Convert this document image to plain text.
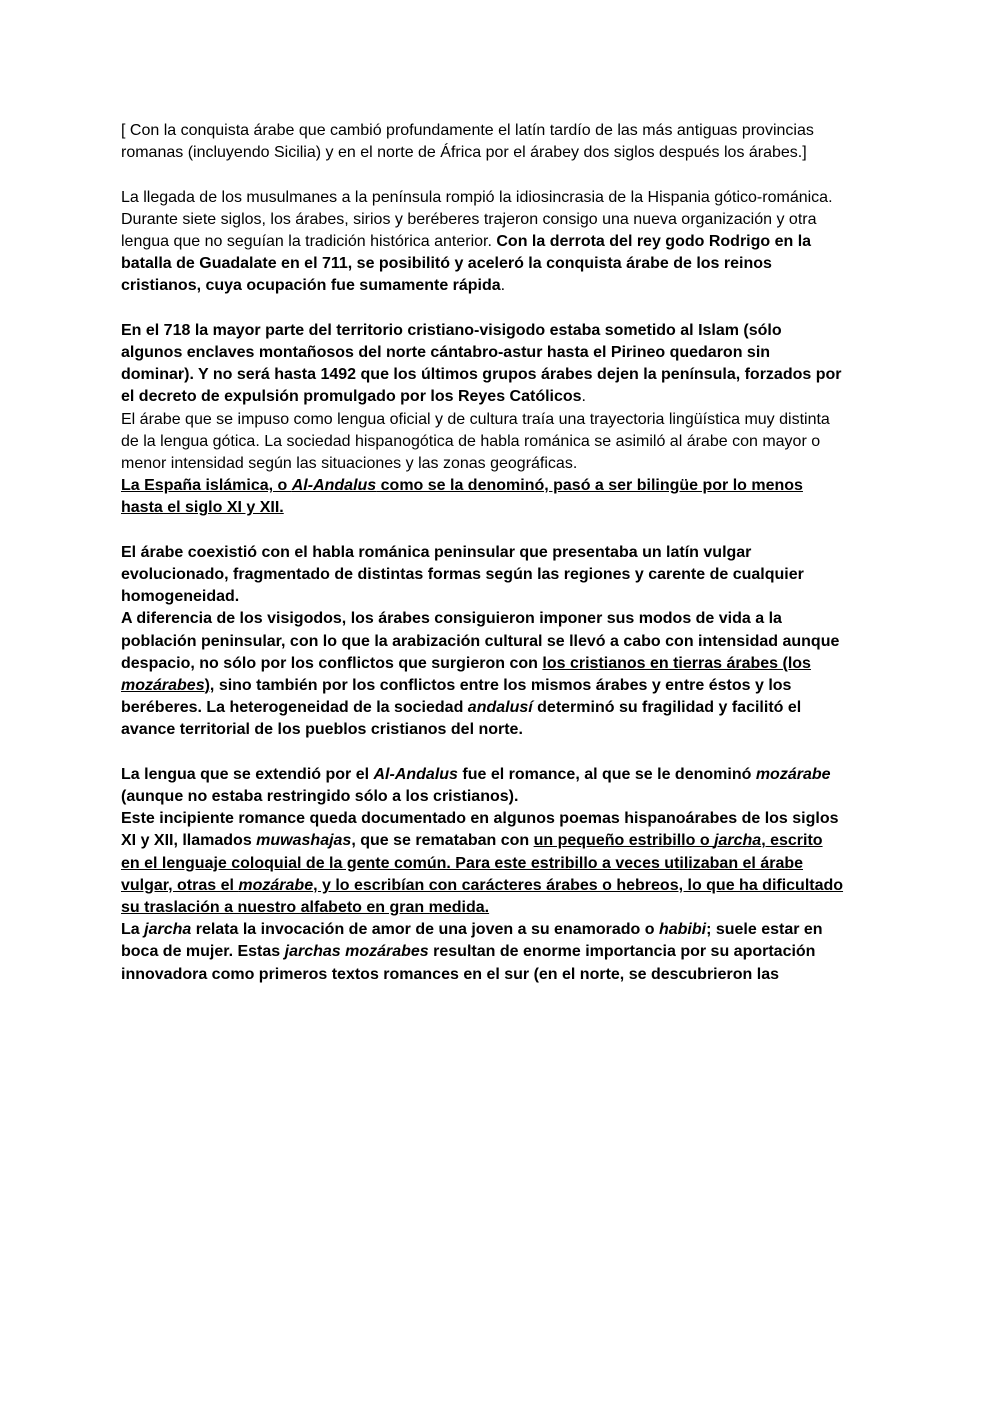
[ Con la conquista árabe que cambió profundamente el latín tardío de las más antiguas provincias
romanas (incluyendo Sicilia) y en el norte de África por el árabey dos siglos después los árabes.]
La llegada de los musulmanes a la península rompió la idiosincrasia de la Hispania gótico-románica.
Durante siete siglos, los árabes, sirios y beréberes trajeron consigo una nueva organización y otra
lengua que no seguían la tradición histórica anterior. Con la derrota del rey godo Rodrigo en la
batalla de Guadalate en el 711, se posibilitó y aceleró la conquista árabe de los reinos
cristianos, cuya ocupación fue sumamente rápida.
En el 718 la mayor parte del territorio cristiano-visigodo estaba sometido al Islam (sólo
algunos enclaves montañosos del norte cántabro-astur hasta el Pirineo quedaron sin
dominar). Y no será hasta 1492 que los últimos grupos árabes dejen la península, forzados por
el decreto de expulsión promulgado por los Reyes Católicos.
El árabe que se impuso como lengua oficial y de cultura traía una trayectoria lingüística muy distinta
de la lengua gótica. La sociedad hispanogótica de habla románica se asimiló al árabe con mayor o
menor intensidad según las situaciones y las zonas geográficas.
La España islámica, o Al-Andalus como se la denominó, pasó a ser bilingüe por lo menos
hasta el siglo XI y XII.
El árabe coexistió con el habla románica peninsular que presentaba un latín vulgar
evolucionado, fragmentado de distintas formas según las regiones y carente de cualquier
homogeneidad.
A diferencia de los visigodos, los árabes consiguieron imponer sus modos de vida a la
población peninsular, con lo que la arabización cultural se llevó a cabo con intensidad aunque
despacio, no sólo por los conflictos que surgieron con los cristianos en tierras árabes (los
mozárabes), sino también por los conflictos entre los mismos árabes y entre éstos y los
beréberes. La heterogeneidad de la sociedad andalusí determinó su fragilidad y facilitó el
avance territorial de los pueblos cristianos del norte.
La lengua que se extendió por el Al-Andalus fue el romance, al que se le denominó mozárabe
(aunque no estaba restringido sólo a los cristianos).
Este incipiente romance queda documentado en algunos poemas hispanoárabes de los siglos
XI y XII, llamados muwashajas, que se remataban con un pequeño estribillo o jarcha, escrito
en el lenguaje coloquial de la gente común. Para este estribillo a veces utilizaban el árabe
vulgar, otras el mozárabe, y lo escribían con carácteres árabes o hebreos, lo que ha dificultado
su traslación a nuestro alfabeto en gran medida.
La jarcha relata la invocación de amor de una joven a su enamorado o habibi; suele estar en
boca de mujer. Estas jarchas mozárabes resultan de enorme importancia por su aportación
innovadora como primeros textos romances en el sur (en el norte, se descubrieron las
